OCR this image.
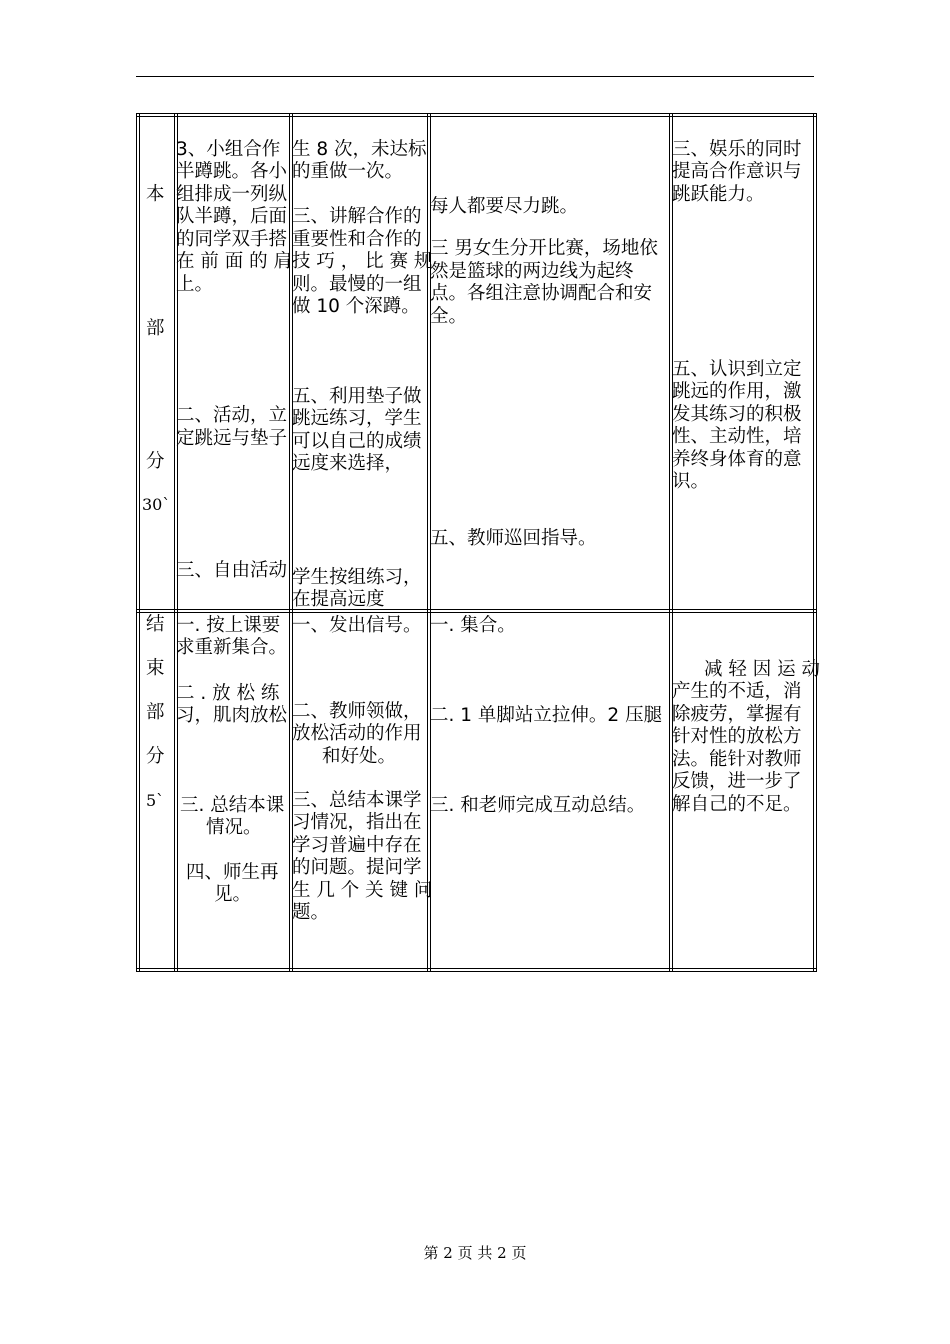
本
部
分
30`
3、小组合作
半蹲跳。各小
组排成一列纵
队半蹲，后面
的同学双手搭
在 前 面 的 肩
上。
二、活动，立
定跳远与垫子
三、自由活动
生 8 次，未达标
的重做一次。
三、讲解合作的
重要性和合作的
技 巧 ， 比 赛 规
则。最慢的一组
做 10 个深蹲。
五、利用垫子做
跳远练习，学生
可以自己的成绩
远度来选择，
学生按组练习，
在提高远度
每人都要尽力跳。
三 男女生分开比赛，场地依
然是篮球的两边线为起终
点。各组注意协调配合和安
全。
五、教师巡回指导。
三、娱乐的同时
提高合作意识与
跳跃能力。
五、认识到立定
跳远的作用，激
发其练习的积极
性、主动性，培
养终身体育的意
识。
结
束
部
分
5`
一. 按上课要
求重新集合。
二 . 放 松 练
习，肌肉放松
三. 总结本课
情况。
四、师生再
见。
一、发出信号。
二、教师领做，
放松活动的作用
和好处。
三、总结本课学
习情况，指出在
学习普遍中存在
的问题。提问学
生 几 个 关 键 问
题。
一. 集合。
二. 1 单脚站立拉伸。2 压腿
三. 和老师完成互动总结。
减 轻 因 运 动
产生的不适，消
除疲劳，掌握有
针对性的放松方
法。能针对教师
反馈，进一步了
解自己的不足。
第 2 页 共 2 页
